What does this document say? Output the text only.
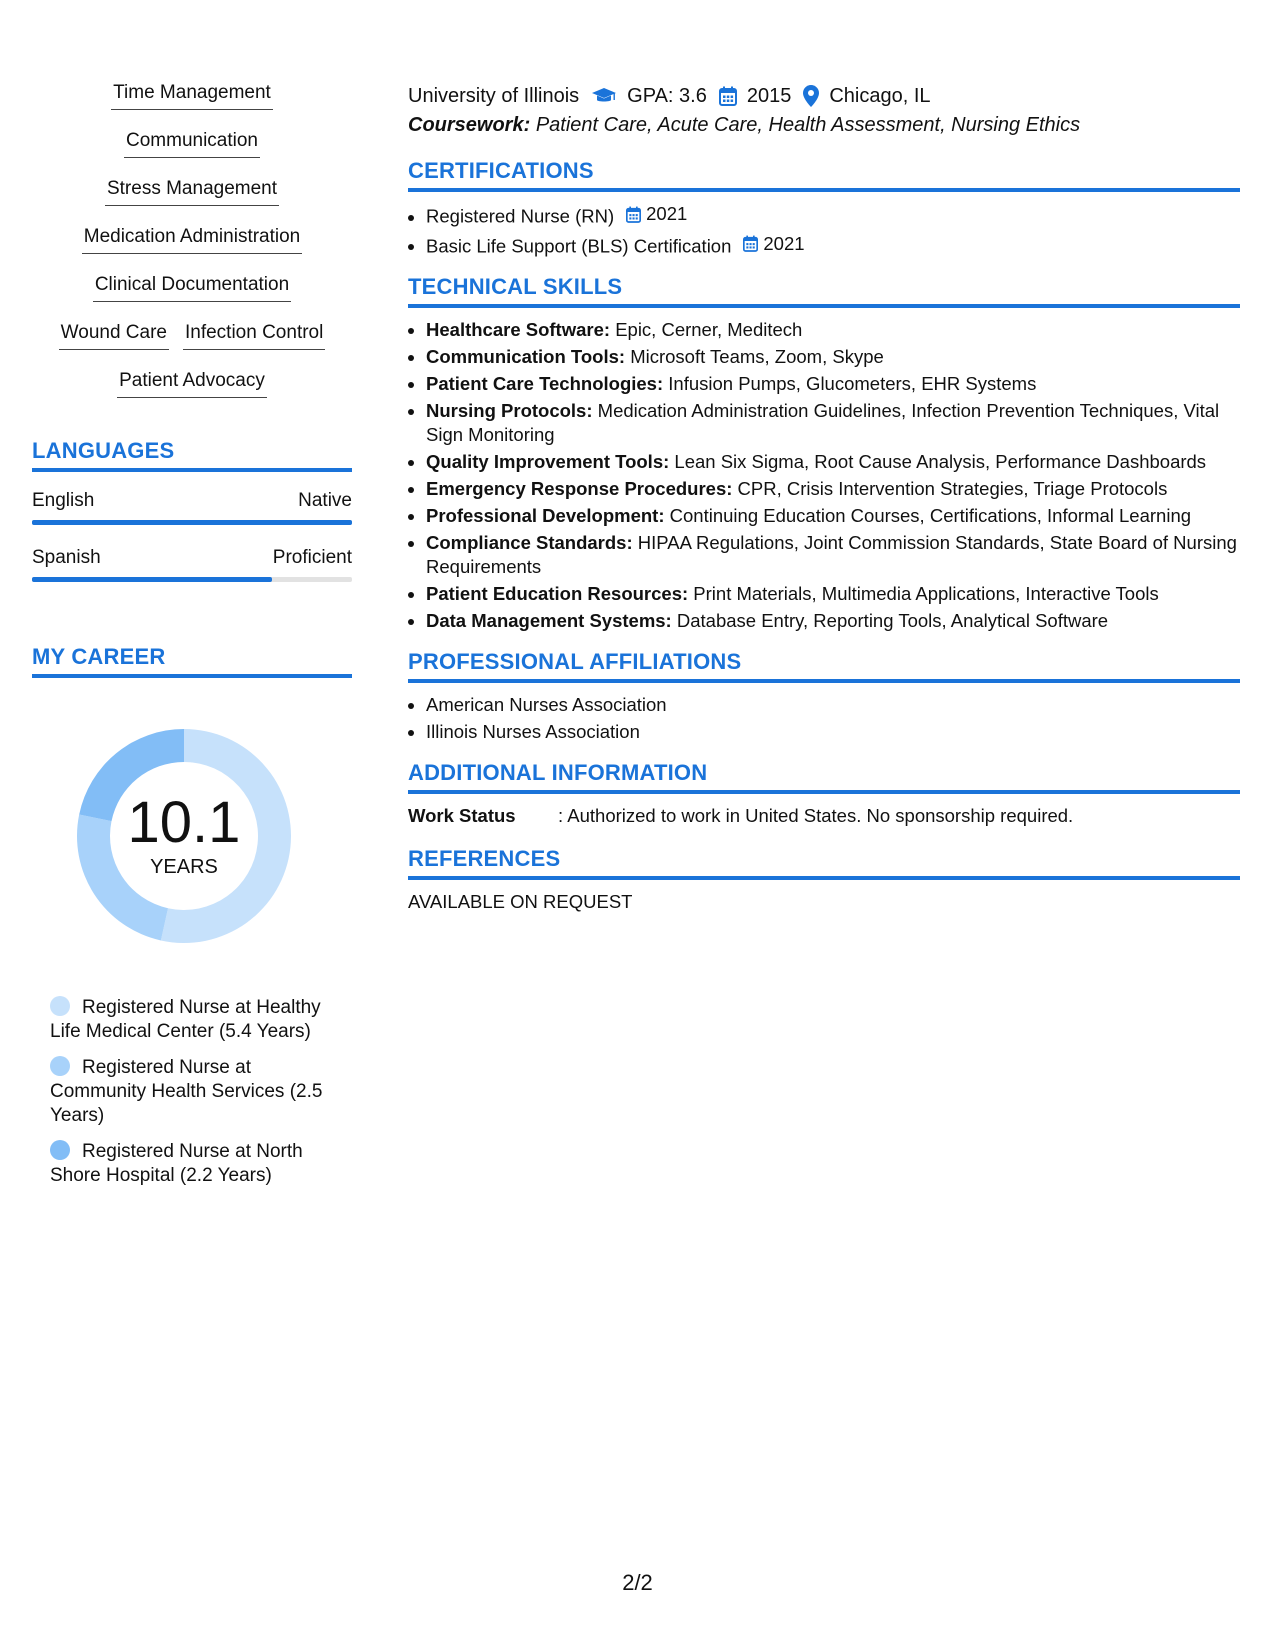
Time Management
Communication
Stress Management
Medication Administration
Clinical Documentation
Wound Care Infection Control
Patient Advocacy
LANGUAGES
English	Native
Spanish	Proficient
MY CAREER
10.1
YEARS
Registered Nurse at Healthy Life Medical Center (5.4 Years)
Registered Nurse at Community Health Services (2.5 Years)
Registered Nurse at North Shore Hospital (2.2 Years)
University of Illinois GPA: 3.6 2015 Chicago, IL
Coursework: Patient Care, Acute Care, Health Assessment, Nursing Ethics
CERTIFICATIONS
• Registered Nurse (RN) 2021
• Basic Life Support (BLS) Certification 2021
TECHNICAL SKILLS
• Healthcare Software: Epic, Cerner, Meditech
• Communication Tools: Microsoft Teams, Zoom, Skype
• Patient Care Technologies: Infusion Pumps, Glucometers, EHR Systems
• Nursing Protocols: Medication Administration Guidelines, Infection Prevention Techniques, Vital Sign Monitoring
• Quality Improvement Tools: Lean Six Sigma, Root Cause Analysis, Performance Dashboards
• Emergency Response Procedures: CPR, Crisis Intervention Strategies, Triage Protocols
• Professional Development: Continuing Education Courses, Certifications, Informal Learning
• Compliance Standards: HIPAA Regulations, Joint Commission Standards, State Board of Nursing Requirements
• Patient Education Resources: Print Materials, Multimedia Applications, Interactive Tools
• Data Management Systems: Database Entry, Reporting Tools, Analytical Software
PROFESSIONAL AFFILIATIONS
• American Nurses Association
• Illinois Nurses Association
ADDITIONAL INFORMATION
Work Status	: Authorized to work in United States. No sponsorship required.
REFERENCES
AVAILABLE ON REQUEST
2/2
